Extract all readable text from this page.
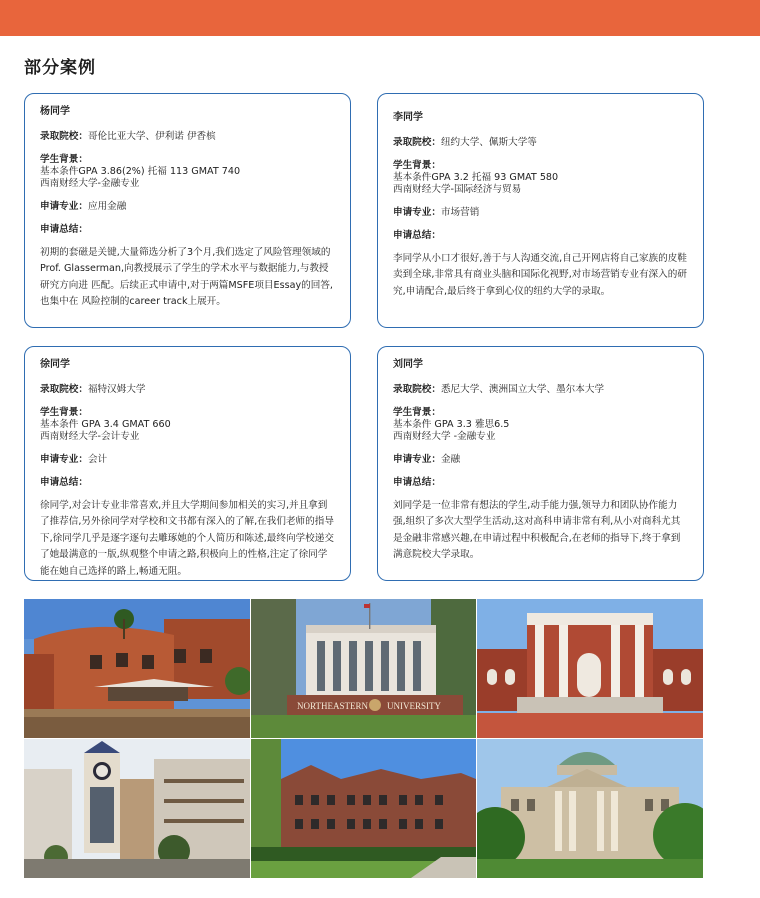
部分案例
杨同学
录取院校：哥伦比亚大学、伊利诺 伊香槟
学生背景：
基本条件GPA 3.86(2%) 托福 113 GMAT 740
西南财经大学-金融专业
申请专业：应用金融
申请总结：
初期的套磁是关键,大量筛选分析了3个月,我们选定了风险管理领域的Prof. Glasserman,向教授展示了学生的学术水平与数据能力,与教授研究方向进 匹配。后续正式申请中,对于两篇MSFE项目Essay的回答,也集中在 风险控制的career track上展开。
李同学
录取院校：纽约大学、佩斯大学等
学生背景：
基本条件GPA 3.2 托福 93 GMAT 580
西南财经大学-国际经济与贸易
申请专业：市场营销
申请总结：
李同学从小口才很好,善于与人沟通交流,自己开网店将自己家族的皮鞋卖到全球,非常具有商业头脑和国际化视野,对市场营销专业有深入的研究,申请配合,最后终于拿到心仪的纽约大学的录取。
徐同学
录取院校：福特汉姆大学
学生背景：
基本条件 GPA 3.4 GMAT 660
西南财经大学-会计专业
申请专业：会计
申请总结：
徐同学,对会计专业非常喜欢,并且大学期间参加相关的实习,并且拿到了推荐信,另外徐同学对学校和文书都有深入的了解,在我们老师的指导下,徐同学几乎是逐字逐句去雕琢她的个人简历和陈述,最终向学校递交了她最满意的一版,纵观整个申请之路,积极向上的性格,注定了徐同学能在她自己选择的路上,畅通无阻。
刘同学
录取院校：悉尼大学、澳洲国立大学、墨尔本大学
学生背景：
基本条件 GPA 3.3 雅思6.5
西南财经大学 -金融专业
申请专业：金融
申请总结：
刘同学是一位非常有想法的学生,动手能力强,领导力和团队协作能力强,组织了多次大型学生活动,这对高科申请非常有利,从小对商科尤其是金融非常感兴趣,在申请过程中积极配合,在老师的指导下,终于拿到满意院校大学录取。
NORTHEASTERN UNIVERSITY
